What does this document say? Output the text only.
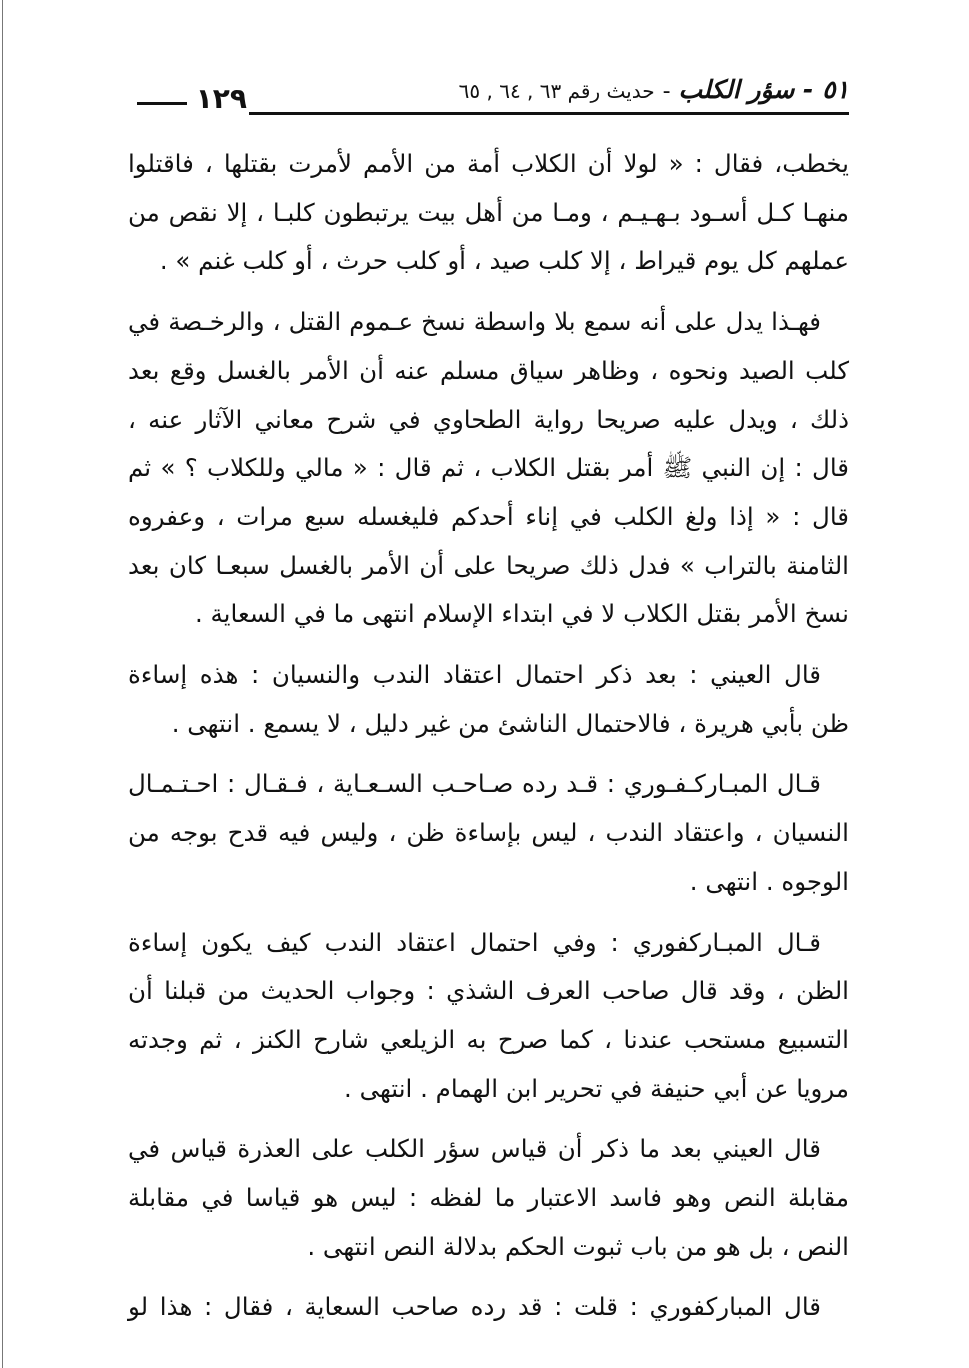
١٢٩	٥١ - سؤر الكلب-حديث رقم ٦٣ , ٦٤ , ٦٥
يخطب، فقال : « لولا أن الكلاب أمة من الأمم لأمرت بقتلها ، فاقتلوا
منهـا كـل أسـود بـهـيـم ، ومـا من أهل بيت يرتبطون كلبـا ، إلا نقص من
عملهم كل يوم قيراط ، إلا كلب صيد ، أو كلب حرث ، أو كلب غنم » .
فهـذا يدل على أنه سمع بلا واسطة نسخ عـموم القتل ، والرخـصة في
كلب الصيد ونحوه ، وظاهر سياق مسلم عنه أن الأمر بالغسل وقع بعد
ذلك ، ويدل عليه صريحا رواية الطحاوي في شرح معاني الآثار عنه ،
قال : إن النبي ﷺ أمر بقتل الكلاب ، ثم قال : « مالي وللكلاب ؟ » ثم
قال : « إذا ولغ الكلب في إناء أحدكم فليغسله سبع مرات ، وعفروه
الثامنة بالتراب » فدل ذلك صريحا على أن الأمر بالغسل سبعـا كان بعد
نسخ الأمر بقتل الكلاب لا في ابتداء الإسلام انتهى ما في السعاية .
قال العيني : بعد ذكر احتمال اعتقاد الندب والنسيان : هذه إساءة
ظن بأبي هريرة ، فالاحتمال الناشئ من غير دليل ، لا يسمع . انتهى .
قـال المبـاركـفـوري : قـد رده صـاحـب السـعـاية ، فـقـال : احـتـمـال
النسيان ، واعتقاد الندب ، ليس بإساءة ظن ، وليس فيه قدح بوجه من
الوجوه . انتهى .
قـال المبـاركفوري : وفي احتمال اعتقاد الندب كيف يكون إساءة
الظن ، وقد قال صاحب العرف الشذي : وجواب الحديث من قبلنا أن
التسبيع مستحب عندنا ، كما صرح به الزيلعي شارح الكنز ، ثم وجدته
مرويا عن أبي حنيفة في تحرير ابن الهمام . انتهى .
قال العيني بعد ما ذكر أن قياس سؤر الكلب على العذرة قياس في
مقابلة النص وهو فاسد الاعتبار ما لفظه : ليس هو قياسا في مقابلة
النص ، بل هو من باب ثبوت الحكم بدلالة النص انتهى .
قال المباركفوري : قلت : قد رده صاحب السعاية ، فقال : هذا لو
